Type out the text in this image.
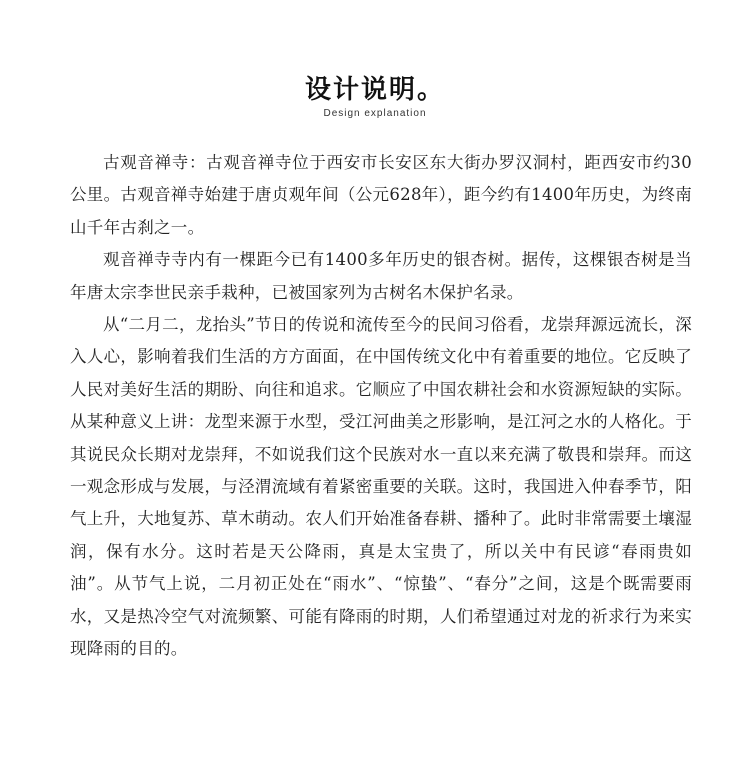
设计说明。
Design explanation

古观音禅寺：古观音禅寺位于西安市长安区东大街办罗汉洞村，距西安市约30公里。古观音禅寺始建于唐贞观年间（公元628年），距今约有1400年历史，为终南山千年古刹之一。

观音禅寺寺内有一棵距今已有1400多年历史的银杏树。据传，这棵银杏树是当年唐太宗李世民亲手栽种，已被国家列为古树名木保护名录。

从“二月二，龙抬头”节日的传说和流传至今的民间习俗看，龙崇拜源远流长，深入人心，影响着我们生活的方方面面，在中国传统文化中有着重要的地位。它反映了人民对美好生活的期盼、向往和追求。它顺应了中国农耕社会和水资源短缺的实际。从某种意义上讲：龙型来源于水型，受江河曲美之形影响，是江河之水的人格化。于其说民众长期对龙崇拜，不如说我们这个民族对水一直以来充满了敬畏和崇拜。而这一观念形成与发展，与泾渭流域有着紧密重要的关联。这时，我国进入仲春季节，阳气上升，大地复苏、草木萌动。农人们开始准备春耕、播种了。此时非常需要土壤湿润，保有水分。这时若是天公降雨，真是太宝贵了，所以关中有民谚“春雨贵如油”。从节气上说，二月初正处在“雨水”、“惊蛰”、“春分”之间，这是个既需要雨水，又是热冷空气对流频繁、可能有降雨的时期，人们希望通过对龙的祈求行为来实现降雨的目的。
